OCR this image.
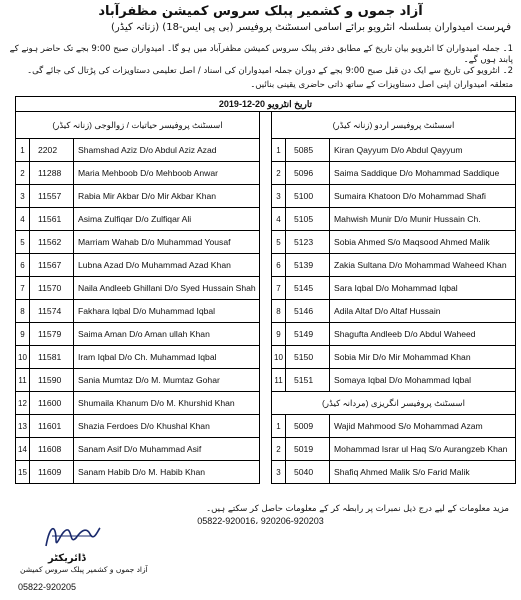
آزاد جموں و کشمیر پبلک سروس کمیشن مظفرآباد
فہرست امیدواران بسلسلہ انٹرویو برائے اسامی اسسٹنٹ پروفیسر (بی پی ایس-18) (زنانہ کیڈر)
1۔ جملہ امیدواران کا انٹرویو بیان تاریخ کے مطابق دفتر پبلک سروس کمیشن مظفرآباد میں ہو گا۔ امیدواران صبح 9:00 بجے تک حاضر ہونے کے پابند ہوں گے۔
2۔ انٹرویو کی تاریخ سے ایک دن قبل صبح 9:00 بجے کے دوران جملہ امیدواران کی اسناد / اصل تعلیمی دستاویزات کی پڑتال کی جائے گی۔
متعلقہ امیدواران اپنی اصل دستاویزات کے ساتھ ذاتی حاضری یقینی بنائیں۔
تاریخ انٹرویو 20-12-2019						
اسسٹنٹ پروفیسر حیاتیات / زوالوجی (زنانہ کیڈر)				اسسٹنٹ پروفیسر اردو (زنانہ کیڈر)		
1	2202	Shamshad Aziz D/o Abdul Aziz Azad		1	5085	Kiran Qayyum D/o Abdul Qayyum
2	11288	Maria Mehboob D/o Mehboob Anwar		2	5096	Saima Saddique D/o Mohammad Saddique
3	11557	Rabia Mir Akbar D/o Mir Akbar Khan		3	5100	Sumaira Khatoon D/o Mohammad Shafi
4	11561	Asima Zulfiqar D/o Zulfiqar Ali		4	5105	Mahwish Munir D/o Munir Hussain Ch.
5	11562	Marriam Wahab D/o Muhammad Yousaf		5	5123	Sobia Ahmed S/o Maqsood Ahmed Malik
6	11567	Lubna Azad D/o Muhammad Azad Khan		6	5139	Zakia Sultana D/o Mohammad Waheed Khan
7	11570	Naila Andleeb Ghillani D/o Syed Hussain Shah		7	5145	Sara Iqbal D/o Mohammad Iqbal
8	11574	Fakhara Iqbal D/o Muhammad Iqbal		8	5146	Adila Altaf D/o Altaf Hussain
9	11579	Saima Aman D/o Aman ullah Khan		9	5149	Shagufta Andleeb D/o Abdul Waheed
10	11581	Iram Iqbal D/o Ch. Muhammad Iqbal		10	5150	Sobia Mir D/o Mir Mohammad Khan
11	11590	Sania Mumtaz D/o M. Mumtaz Gohar		11	5151	Somaya Iqbal D/o Mohammad Iqbal
12	11600	Shumaila Khanum D/o M. Khurshid Khan		اسسٹنٹ پروفیسر انگریزی (مردانہ کیڈر)		
13	11601	Shazia Ferdoes D/o Khushal Khan		1	5009	Wajid Mahmood S/o Mohammad Azam
14	11608	Sanam Asif D/o Muhammad Asif		2	5019	Mohammad Israr ul Haq S/o Aurangzeb Khan
15	11609	Sanam Habib D/o M. Habib Khan		3	5040	Shafiq Ahmed Malik S/o Farid Malik
مزید معلومات کے لیے درج ذیل نمبرات پر رابطہ کر کے معلومات حاصل کر سکتے ہیں۔
05822-920016، 920206-920203
ڈائریکٹر
آزاد جموں و کشمیر پبلک سروس کمیشن
05822-920205
